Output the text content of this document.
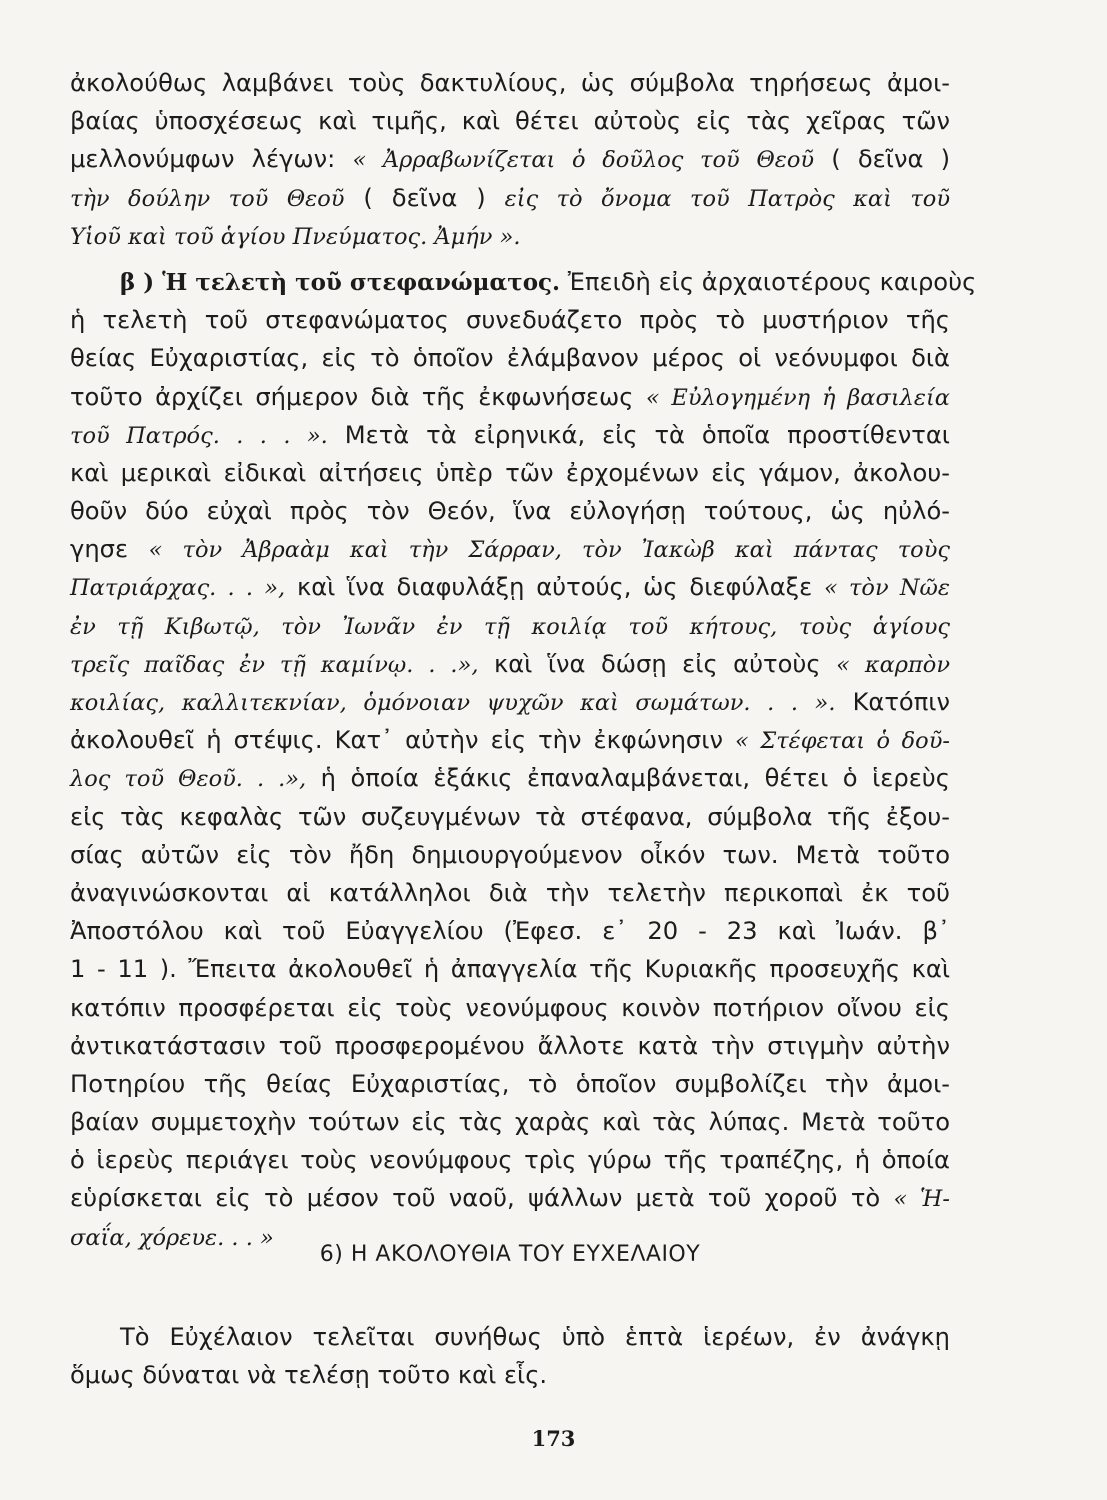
ἀκολούθως λαμβάνει τοὺς δακτυλίους, ὡς σύμβολα τηρήσεως ἀμοι-
βαίας ὑποσχέσεως καὶ τιμῆς, καὶ θέτει αὐτοὺς εἰς τὰς χεῖρας τῶν
μελλονύμφων λέγων: « Ἀρραβωνίζεται ὁ δοῦλος τοῦ Θεοῦ ( δεῖνα )
τὴν δούλην τοῦ Θεοῦ ( δεῖνα ) εἰς τὸ ὄνομα τοῦ Πατρὸς καὶ τοῦ
Υἱοῦ καὶ τοῦ ἁγίου Πνεύματος. Ἀμήν ».
β ) Ἡ τελετὴ τοῦ στεφανώματος. Ἐπειδὴ εἰς ἀρχαιοτέρους καιροὺς
ἡ τελετὴ τοῦ στεφανώματος συνεδυάζετο πρὸς τὸ μυστήριον τῆς
θείας Εὐχαριστίας, εἰς τὸ ὁποῖον ἐλάμβανον μέρος οἱ νεόνυμφοι διὰ
τοῦτο ἀρχίζει σήμερον διὰ τῆς ἐκφωνήσεως « Εὐλογημένη ἡ βασιλεία
τοῦ Πατρός. . . . ». Μετὰ τὰ εἰρηνικά, εἰς τὰ ὁποῖα προστίθενται
καὶ μερικαὶ εἰδικαὶ αἰτήσεις ὑπὲρ τῶν ἐρχομένων εἰς γάμον, ἀκολου-
θοῦν δύο εὐχαὶ πρὸς τὸν Θεόν, ἵνα εὐλογήσῃ τούτους, ὡς ηὐλό-
γησε « τὸν Ἀβραὰμ καὶ τὴν Σάρραν, τὸν Ἰακὼβ καὶ πάντας τοὺς
Πατριάρχας. . . », καὶ ἵνα διαφυλάξῃ αὐτούς, ὡς διεφύλαξε « τὸν Νῶε
ἐν τῇ Κιβωτῷ, τὸν Ἰωνᾶν ἐν τῇ κοιλίᾳ τοῦ κήτους, τοὺς ἁγίους
τρεῖς παῖδας ἐν τῇ καμίνῳ. . .», καὶ ἵνα δώσῃ εἰς αὐτοὺς « καρπὸν
κοιλίας, καλλιτεκνίαν, ὁμόνοιαν ψυχῶν καὶ σωμάτων. . . ». Κατόπιν
ἀκολουθεῖ ἡ στέψις. Κατ᾽ αὐτὴν εἰς τὴν ἐκφώνησιν « Στέφεται ὁ δοῦ-
λος τοῦ Θεοῦ. . .», ἡ ὁποία ἑξάκις ἐπαναλαμβάνεται, θέτει ὁ ἱερεὺς
εἰς τὰς κεφαλὰς τῶν συζευγμένων τὰ στέφανα, σύμβολα τῆς ἐξου-
σίας αὐτῶν εἰς τὸν ἤδη δημιουργούμενον οἶκόν των. Μετὰ τοῦτο
ἀναγινώσκονται αἱ κατάλληλοι διὰ τὴν τελετὴν περικοπαὶ ἐκ τοῦ
Ἀποστόλου καὶ τοῦ Εὐαγγελίου (Ἐφεσ. ε᾽ 20 - 23 καὶ Ἰωάν. β᾽
1 - 11 ). Ἔπειτα ἀκολουθεῖ ἡ ἀπαγγελία τῆς Κυριακῆς προσευχῆς καὶ
κατόπιν προσφέρεται εἰς τοὺς νεονύμφους κοινὸν ποτήριον οἴνου εἰς
ἀντικατάστασιν τοῦ προσφερομένου ἄλλοτε κατὰ τὴν στιγμὴν αὐτὴν
Ποτηρίου τῆς θείας Εὐχαριστίας, τὸ ὁποῖον συμβολίζει τὴν ἀμοι-
βαίαν συμμετοχὴν τούτων εἰς τὰς χαρὰς καὶ τὰς λύπας. Μετὰ τοῦτο
ὁ ἱερεὺς περιάγει τοὺς νεονύμφους τρὶς γύρω τῆς τραπέζης, ἡ ὁποία
εὑρίσκεται εἰς τὸ μέσον τοῦ ναοῦ, ψάλλων μετὰ τοῦ χοροῦ τὸ « Ἡ-
σαΐα, χόρευε. . . »
6) Η ΑΚΟΛΟΥΘΙΑ ΤΟΥ ΕΥΧΕΛΑΙΟΥ
Τὸ Εὐχέλαιον τελεῖται συνήθως ὑπὸ ἑπτὰ ἱερέων, ἐν ἀνάγκῃ
ὅμως δύναται νὰ τελέσῃ τοῦτο καὶ εἷς.
173
